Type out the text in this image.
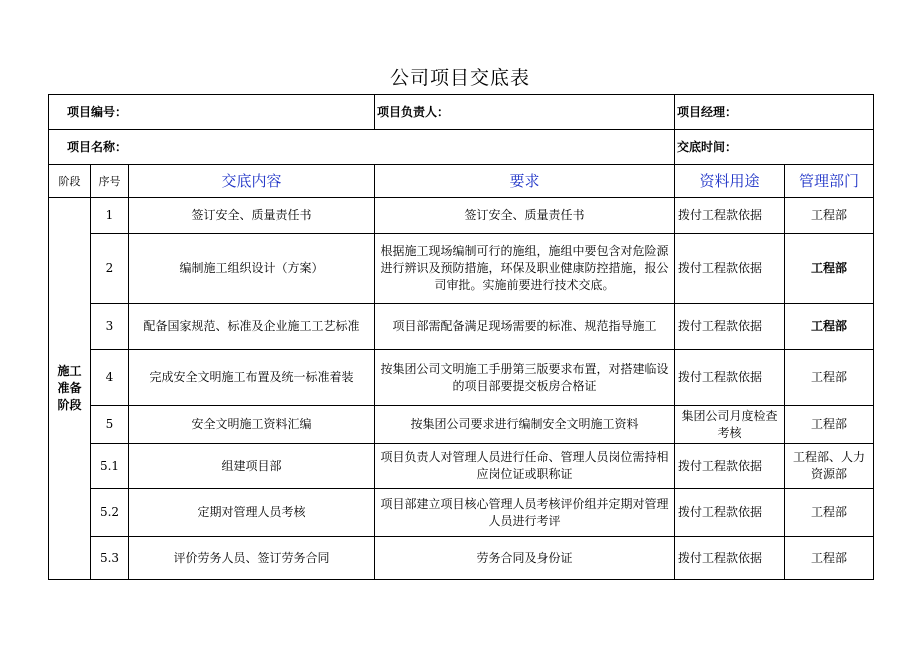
公司项目交底表
项目编号：			项目负责人：	项目经理：	
项目名称：				交底时间：	
阶段	序号	交底内容	要求	资料用途	管理部门
施工准备阶段	1	签订安全、质量责任书	签订安全、质量责任书	拨付工程款依据	工程部
	2	编制施工组织设计（方案）	根据施工现场编制可行的施组，施组中要包含对危险源进行辨识及预防措施，环保及职业健康防控措施，报公司审批。实施前要进行技术交底。	拨付工程款依据	工程部
	3	配备国家规范、标准及企业施工工艺标准	项目部需配备满足现场需要的标准、规范指导施工	拨付工程款依据	工程部
	4	完成安全文明施工布置及统一标准着装	按集团公司文明施工手册第三版要求布置，对搭建临设的项目部要提交板房合格证	拨付工程款依据	工程部
	5	安全文明施工资料汇编	按集团公司要求进行编制安全文明施工资料	集团公司月度检查考核	工程部
	5.1	组建项目部	项目负责人对管理人员进行任命、管理人员岗位需持相应岗位证或职称证	拨付工程款依据	工程部、人力资源部
	5.2	定期对管理人员考核	项目部建立项目核心管理人员考核评价组并定期对管理人员进行考评	拨付工程款依据	工程部
	5.3	评价劳务人员、签订劳务合同	劳务合同及身份证	拨付工程款依据	工程部
